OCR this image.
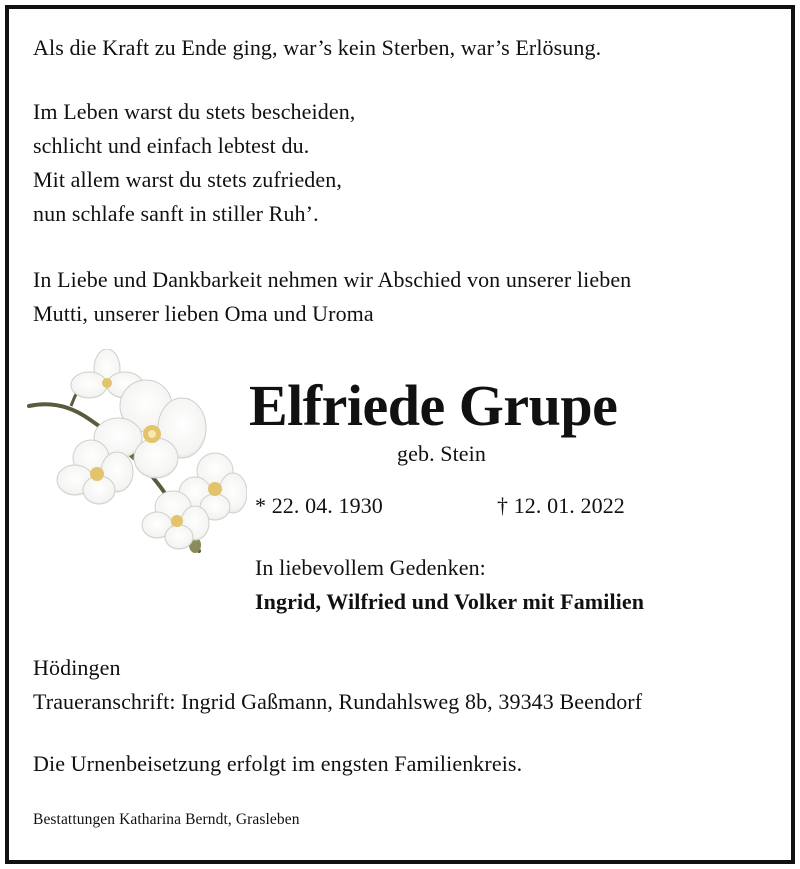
Als die Kraft zu Ende ging, war’s kein Sterben, war’s Erlösung.
Im Leben warst du stets bescheiden,
schlicht und einfach lebtest du.
Mit allem warst du stets zufrieden,
nun schlafe sanft in stiller Ruh’.
In Liebe und Dankbarkeit nehmen wir Abschied von unserer lieben
Mutti, unserer lieben Oma und Uroma
Elfriede Grupe
geb. Stein
* 22. 04. 1930	† 12. 01. 2022
In liebevollem Gedenken:
Ingrid, Wilfried und Volker mit Familien
Hödingen
Traueranschrift: Ingrid Gaßmann, Rundahlsweg 8b, 39343 Beendorf
Die Urnenbeisetzung erfolgt im engsten Familienkreis.
Bestattungen Katharina Berndt, Grasleben
